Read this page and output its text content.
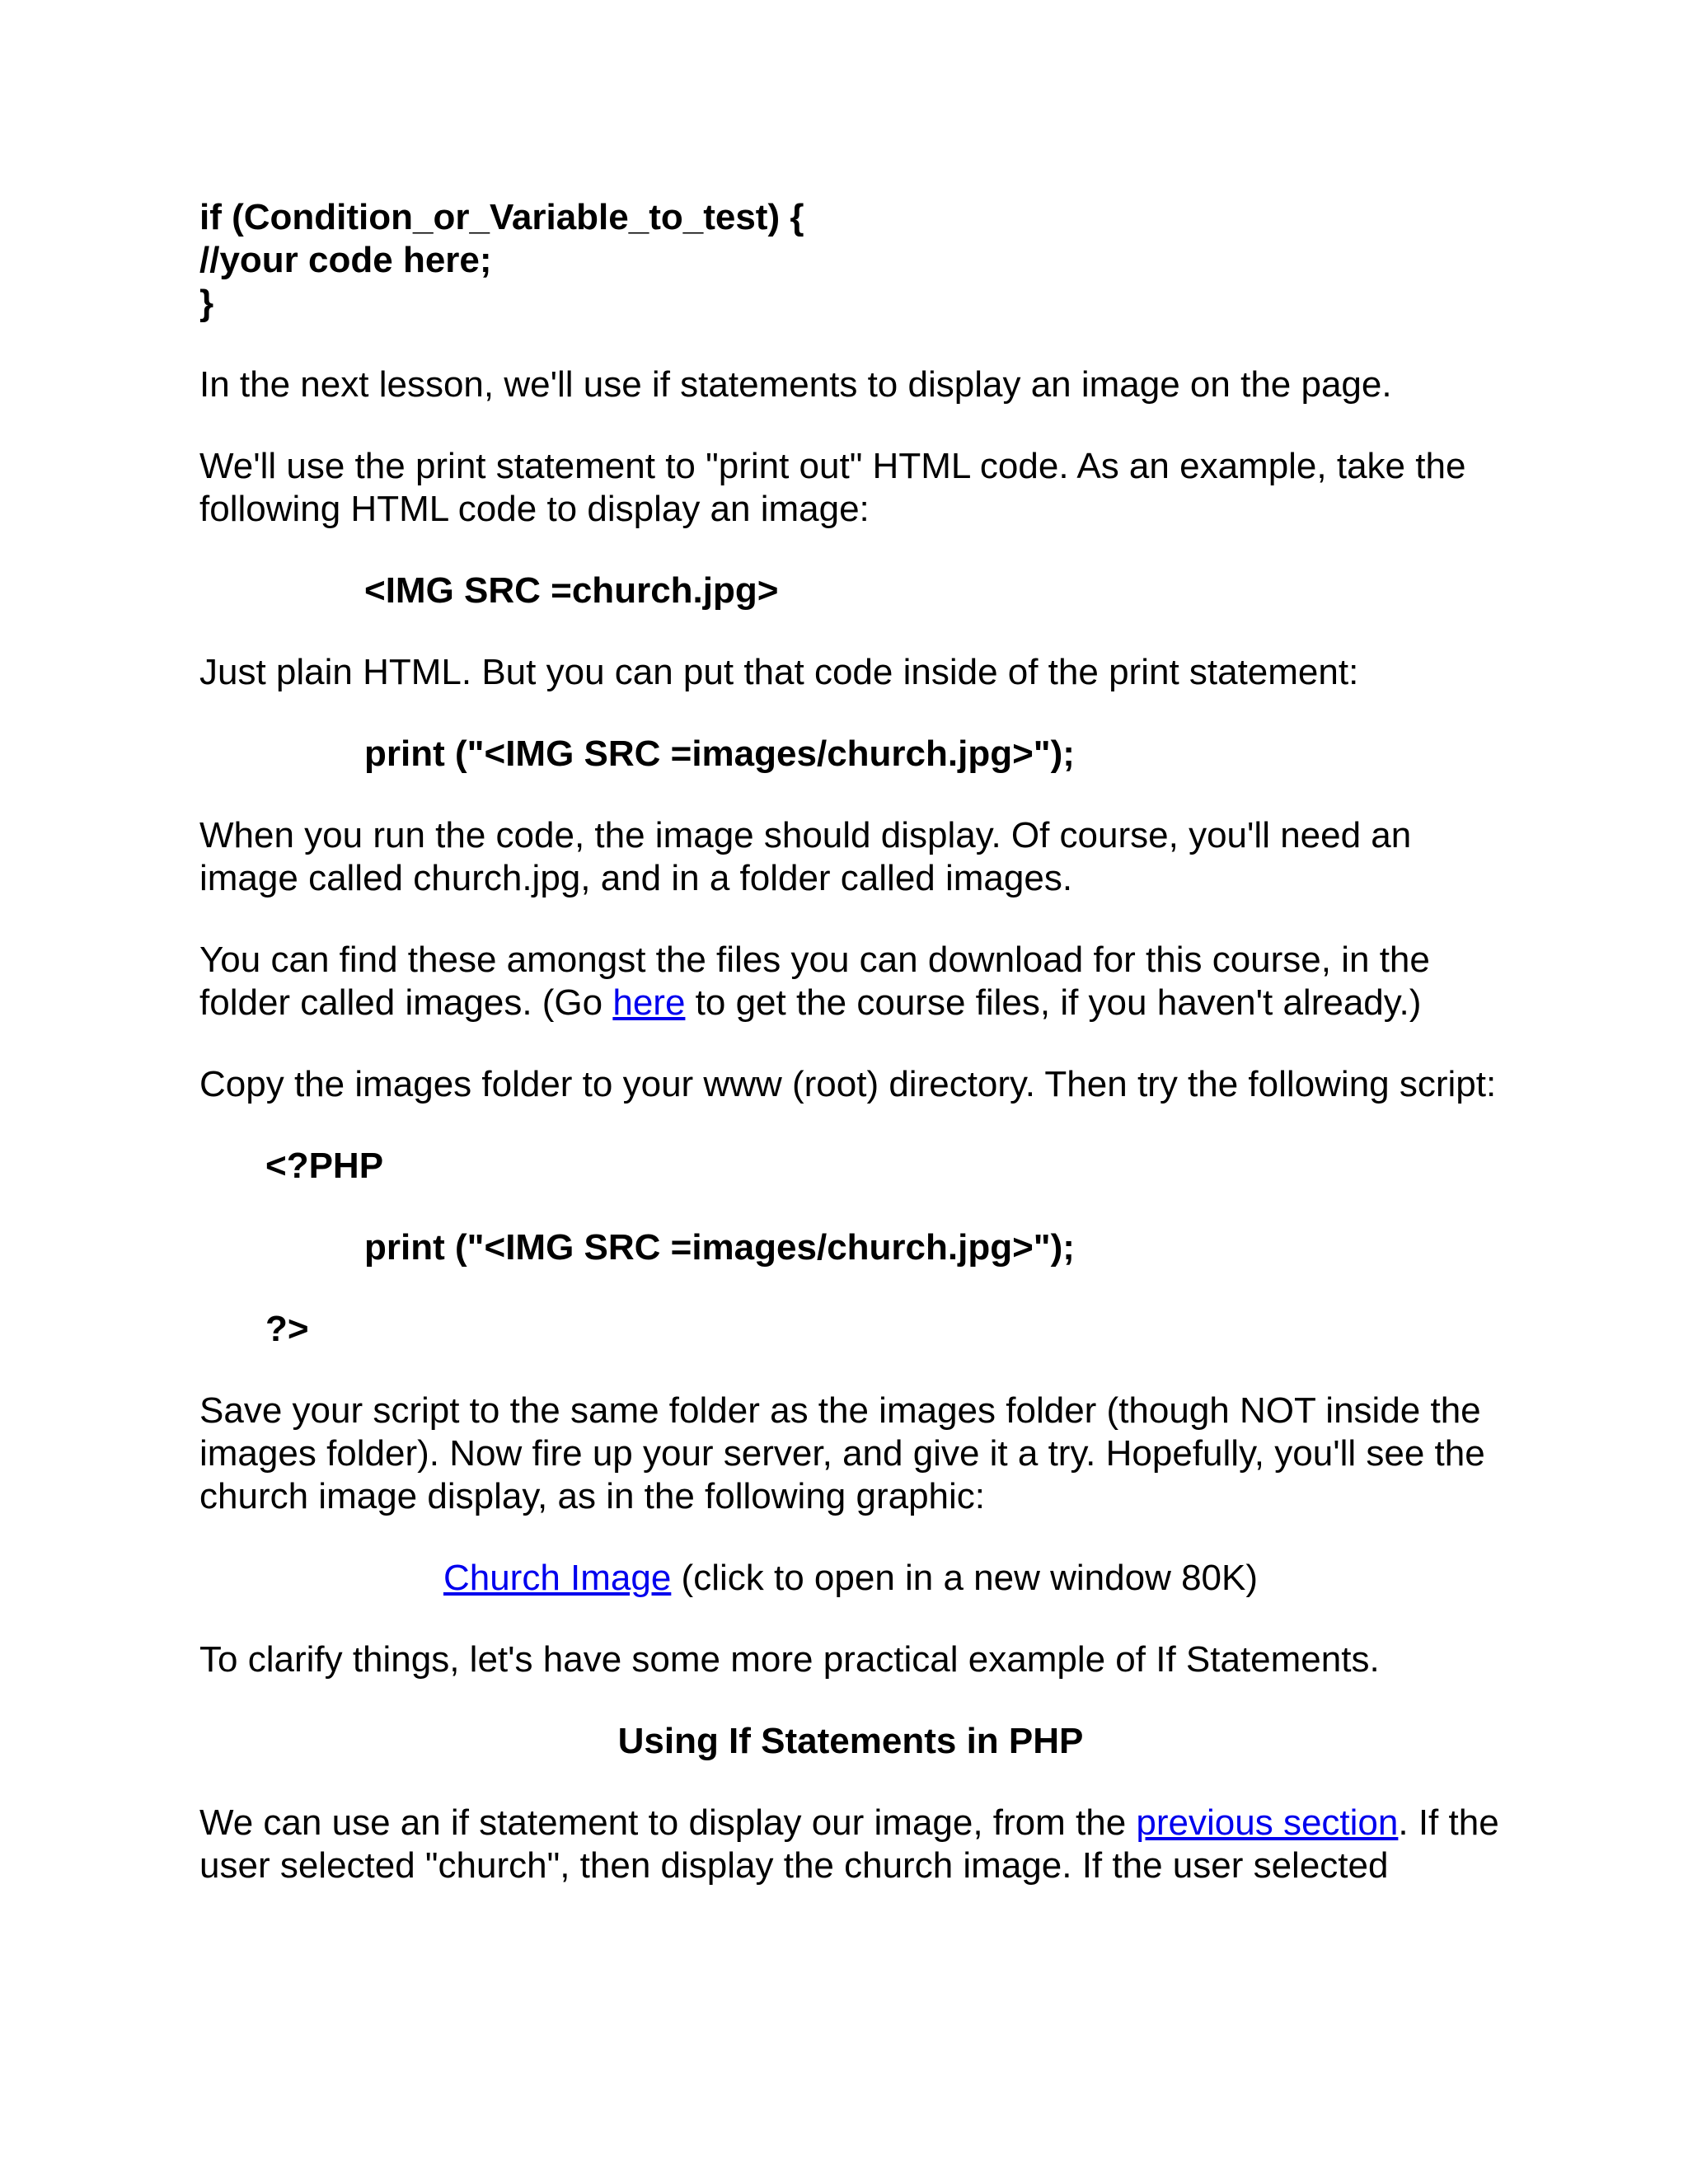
if (Condition_or_Variable_to_test) {
//your code here;
}

In the next lesson, we'll use if statements to display an image on the page.

We'll use the print statement to "print out" HTML code. As an example, take the following HTML code to display an image:

<IMG SRC =church.jpg>

Just plain HTML. But you can put that code inside of the print statement:

print ("<IMG SRC =images/church.jpg>");

When you run the code, the image should display. Of course, you'll need an image called church.jpg, and in a folder called images.

You can find these amongst the files you can download for this course, in the folder called images. (Go here to get the course files, if you haven't already.)

Copy the images folder to your www (root) directory. Then try the following script:

<?PHP

print ("<IMG SRC =images/church.jpg>");

?>

Save your script to the same folder as the images folder (though NOT inside the images folder). Now fire up your server, and give it a try. Hopefully, you'll see the church image display, as in the following graphic:

Church Image (click to open in a new window 80K)

To clarify things, let's have some more practical example of If Statements.

Using If Statements in PHP

We can use an if statement to display our image, from the previous section. If the user selected "church", then display the church image. If the user selected
